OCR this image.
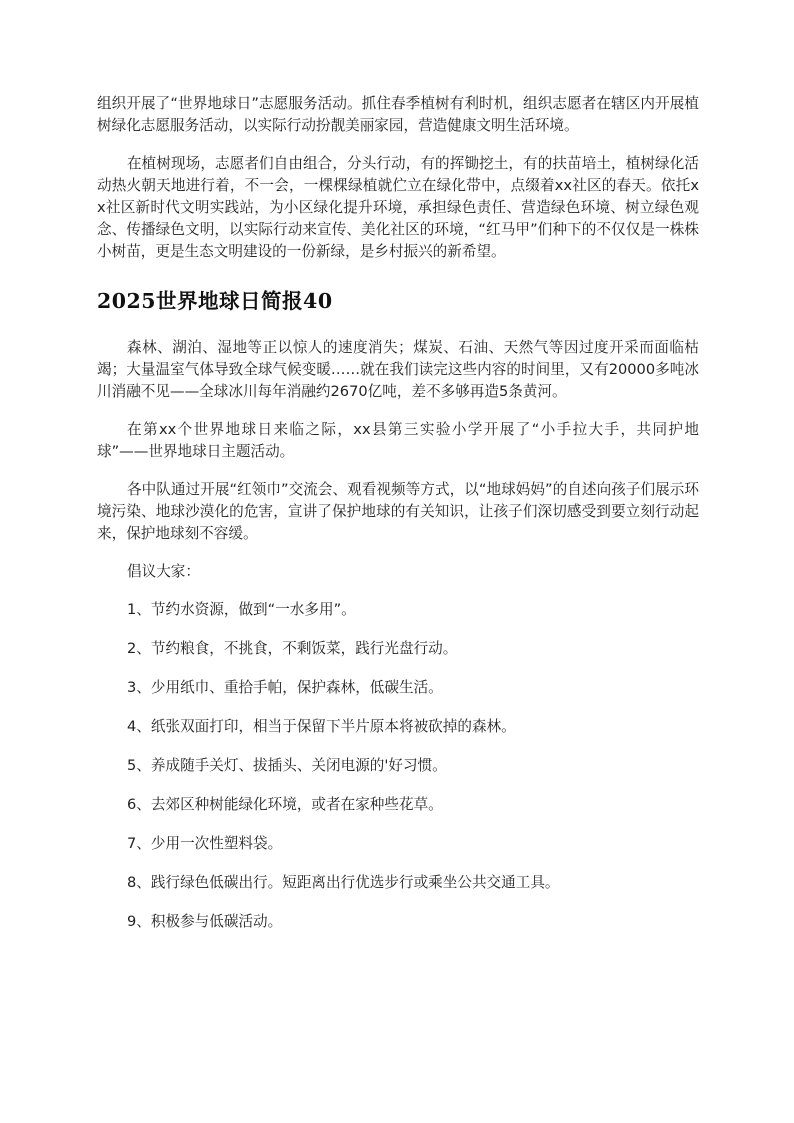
组织开展了“世界地球日”志愿服务活动。抓住春季植树有利时机，组织志愿者在辖区内开展植树绿化志愿服务活动，以实际行动扮靓美丽家园，营造健康文明生活环境。

在植树现场，志愿者们自由组合，分头行动，有的挥锄挖土，有的扶苗培土，植树绿化活动热火朝天地进行着，不一会，一棵棵绿植就伫立在绿化带中，点缀着xx社区的春天。依托xx社区新时代文明实践站，为小区绿化提升环境，承担绿色责任、营造绿色环境、树立绿色观念、传播绿色文明，以实际行动来宣传、美化社区的环境，“红马甲”们种下的不仅仅是一株株小树苗，更是生态文明建设的一份新绿，是乡村振兴的新希望。

2025世界地球日简报40

森林、湖泊、湿地等正以惊人的速度消失；煤炭、石油、天然气等因过度开采而面临枯竭；大量温室气体导致全球气候变暖……就在我们读完这些内容的时间里，又有20000多吨冰川消融不见——全球冰川每年消融约2670亿吨，差不多够再造5条黄河。

在第xx个世界地球日来临之际，xx县第三实验小学开展了“小手拉大手，共同护地球”——世界地球日主题活动。

各中队通过开展“红领巾”交流会、观看视频等方式，以“地球妈妈”的自述向孩子们展示环境污染、地球沙漠化的危害，宣讲了保护地球的有关知识，让孩子们深切感受到要立刻行动起来，保护地球刻不容缓。

倡议大家：

1、节约水资源，做到“一水多用”。

2、节约粮食，不挑食，不剩饭菜，践行光盘行动。

3、少用纸巾、重拾手帕，保护森林，低碳生活。

4、纸张双面打印，相当于保留下半片原本将被砍掉的森林。

5、养成随手关灯、拔插头、关闭电源的'好习惯。

6、去郊区种树能绿化环境，或者在家种些花草。

7、少用一次性塑料袋。

8、践行绿色低碳出行。短距离出行优选步行或乘坐公共交通工具。

9、积极参与低碳活动。
